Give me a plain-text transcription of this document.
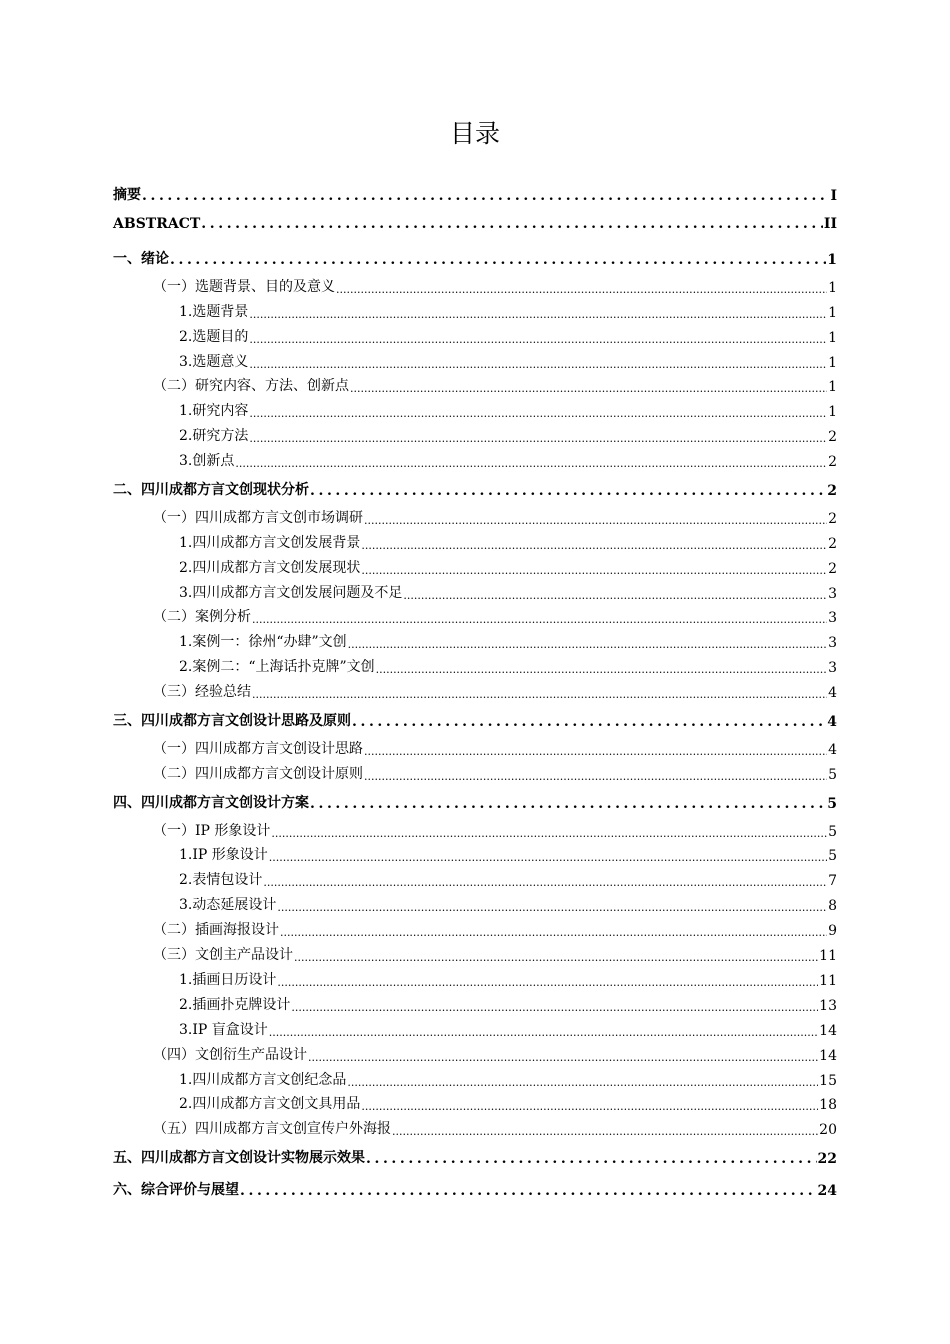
目录
摘要 .....	I
ABSTRACT .....	II
一、 绪论 .....	1
（一）选题背景、目的及意义 .....	1
1.选题背景 .....	1
2.选题目的 .....	1
3.选题意义 .....	1
（二）研究内容、方法、创新点 .....	1
1.研究内容 .....	1
2.研究方法 .....	2
3.创新点 .....	2
二、 四川成都方言文创现状分析 .....	2
（一）四川成都方言文创市场调研 .....	2
1.四川成都方言文创发展背景 .....	2
2.四川成都方言文创发展现状 .....	2
3.四川成都方言文创发展问题及不足 .....	3
（二）案例分析 .....	3
1.案例一：徐州“办肆”文创 .....	3
2.案例二：“上海话扑克牌”文创 .....	3
（三）经验总结 .....	4
三、 四川成都方言文创设计思路及原则 .....	4
（一）四川成都方言文创设计思路 .....	4
（二）四川成都方言文创设计原则 .....	5
四、 四川成都方言文创设计方案 .....	5
（一）IP 形象设计 .....	5
1.IP 形象设计 .....	5
2.表情包设计 .....	7
3.动态延展设计 .....	8
（二）插画海报设计 .....	9
（三）文创主产品设计 .....	11
1.插画日历设计 .....	11
2.插画扑克牌设计 .....	13
3.IP 盲盒设计 .....	14
（四）文创衍生产品设计 .....	14
1.四川成都方言文创纪念品 .....	15
2.四川成都方言文创文具用品 .....	18
（五）四川成都方言文创宣传户外海报 .....	20
五、 四川成都方言文创设计实物展示效果 .....	22
六、 综合评价与展望 .....	24
